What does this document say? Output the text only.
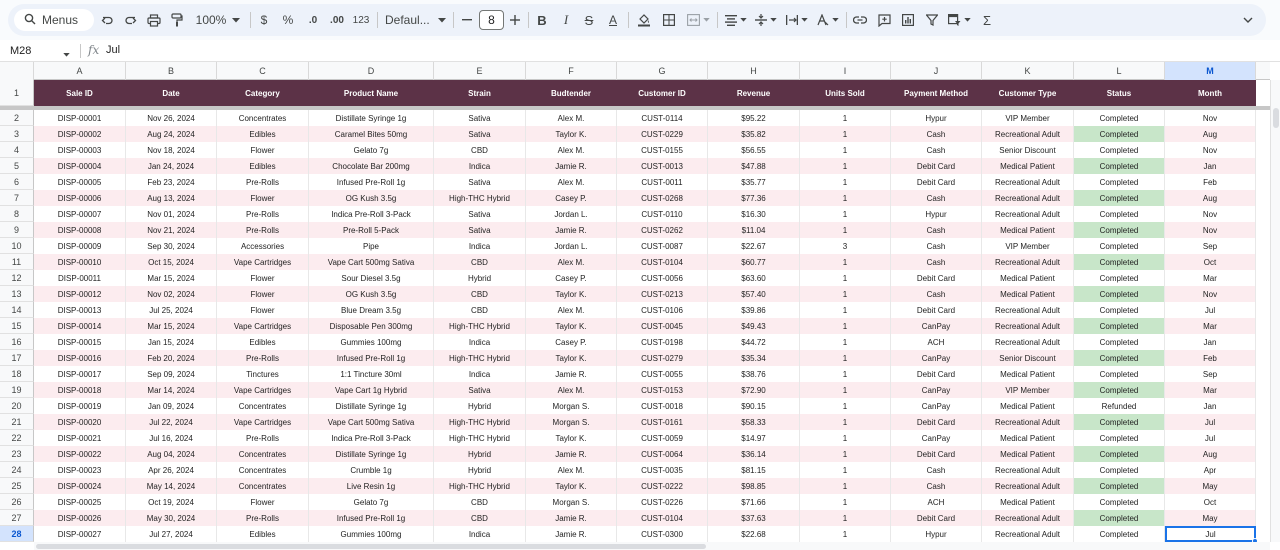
Menus	100%	$	%	.0	.00 123 Defaul...	8	B	I	S A	Σ
M28	fx Jul
A	B	C	D	E	F	G	H	I	J	K	L	M
1	Sale ID	Date	Category	Product Name	Strain	Budtender	Customer ID	Revenue	Units Sold	Payment Method	Customer Type	Status	Month
2	DISP-00001	Nov 26, 2024	Concentrates	Distillate Syringe 1g	Sativa	Alex M.	CUST-0114	$95.22	1	Hypur	VIP Member	Completed	Nov
3	DISP-00002	Aug 24, 2024	Edibles	Caramel Bites 50mg	Sativa	Taylor K.	CUST-0229	$35.82	1	Cash	Recreational Adult	Completed	Aug
4	DISP-00003	Nov 18, 2024	Flower	Gelato 7g	CBD	Alex M.	CUST-0155	$56.55	1	Cash	Senior Discount	Completed	Nov
5	DISP-00004	Jan 24, 2024	Edibles	Chocolate Bar 200mg	Indica	Jamie R.	CUST-0013	$47.88	1	Debit Card	Medical Patient	Completed	Jan
6	DISP-00005	Feb 23, 2024	Pre-Rolls	Infused Pre-Roll 1g	Sativa	Alex M.	CUST-0011	$35.77	1	Debit Card	Recreational Adult	Completed	Feb
7	DISP-00006	Aug 13, 2024	Flower	OG Kush 3.5g	High-THC Hybrid	Casey P.	CUST-0268	$77.36	1	Cash	Recreational Adult	Completed	Aug
8	DISP-00007	Nov 01, 2024	Pre-Rolls	Indica Pre-Roll 3-Pack	Sativa	Jordan L.	CUST-0110	$16.30	1	Hypur	Recreational Adult	Completed	Nov
9	DISP-00008	Nov 21, 2024	Pre-Rolls	Pre-Roll 5-Pack	Sativa	Jamie R.	CUST-0262	$11.04	1	Cash	Medical Patient	Completed	Nov
10	DISP-00009	Sep 30, 2024	Accessories	Pipe	Indica	Jordan L.	CUST-0087	$22.67	3	Cash	VIP Member	Completed	Sep
11	DISP-00010	Oct 15, 2024	Vape Cartridges	Vape Cart 500mg Sativa	CBD	Alex M.	CUST-0104	$60.77	1	Cash	Recreational Adult	Completed	Oct
12	DISP-00011	Mar 15, 2024	Flower	Sour Diesel 3.5g	Hybrid	Casey P.	CUST-0056	$63.60	1	Debit Card	Medical Patient	Completed	Mar
13	DISP-00012	Nov 02, 2024	Flower	OG Kush 3.5g	CBD	Taylor K.	CUST-0213	$57.40	1	Cash	Medical Patient	Completed	Nov
14	DISP-00013	Jul 25, 2024	Flower	Blue Dream 3.5g	CBD	Alex M.	CUST-0106	$39.86	1	Debit Card	Recreational Adult	Completed	Jul
15	DISP-00014	Mar 15, 2024	Vape Cartridges	Disposable Pen 300mg	High-THC Hybrid	Taylor K.	CUST-0045	$49.43	1	CanPay	Recreational Adult	Completed	Mar
16	DISP-00015	Jan 15, 2024	Edibles	Gummies 100mg	Indica	Casey P.	CUST-0198	$44.72	1	ACH	Recreational Adult	Completed	Jan
17	DISP-00016	Feb 20, 2024	Pre-Rolls	Infused Pre-Roll 1g	High-THC Hybrid	Taylor K.	CUST-0279	$35.34	1	CanPay	Senior Discount	Completed	Feb
18	DISP-00017	Sep 09, 2024	Tinctures	1:1 Tincture 30ml	Indica	Jamie R.	CUST-0055	$38.76	1	Debit Card	Medical Patient	Completed	Sep
19	DISP-00018	Mar 14, 2024	Vape Cartridges	Vape Cart 1g Hybrid	Sativa	Alex M.	CUST-0153	$72.90	1	CanPay	VIP Member	Completed	Mar
20	DISP-00019	Jan 09, 2024	Concentrates	Distillate Syringe 1g	Hybrid	Morgan S.	CUST-0018	$90.15	1	CanPay	Medical Patient	Refunded	Jan
21	DISP-00020	Jul 22, 2024	Vape Cartridges	Vape Cart 500mg Sativa	High-THC Hybrid	Morgan S.	CUST-0161	$58.33	1	Debit Card	Recreational Adult	Completed	Jul
22	DISP-00021	Jul 16, 2024	Pre-Rolls	Indica Pre-Roll 3-Pack	High-THC Hybrid	Taylor K.	CUST-0059	$14.97	1	CanPay	Medical Patient	Completed	Jul
23	DISP-00022	Aug 04, 2024	Concentrates	Distillate Syringe 1g	Hybrid	Jamie R.	CUST-0064	$36.14	1	Debit Card	Medical Patient	Completed	Aug
24	DISP-00023	Apr 26, 2024	Concentrates	Crumble 1g	Hybrid	Alex M.	CUST-0035	$81.15	1	Cash	Recreational Adult	Completed	Apr
25	DISP-00024	May 14, 2024	Concentrates	Live Resin 1g	High-THC Hybrid	Taylor K.	CUST-0222	$98.85	1	Cash	Recreational Adult	Completed	May
26	DISP-00025	Oct 19, 2024	Flower	Gelato 7g	CBD	Morgan S.	CUST-0226	$71.66	1	ACH	Medical Patient	Completed	Oct
27	DISP-00026	May 30, 2024	Pre-Rolls	Infused Pre-Roll 1g	CBD	Jamie R.	CUST-0104	$37.63	1	Debit Card	Recreational Adult	Completed	May
28	DISP-00027	Jul 27, 2024	Edibles	Gummies 100mg	Indica	Jamie R.	CUST-0300	$22.68	1	Hypur	Recreational Adult	Completed	Jul
